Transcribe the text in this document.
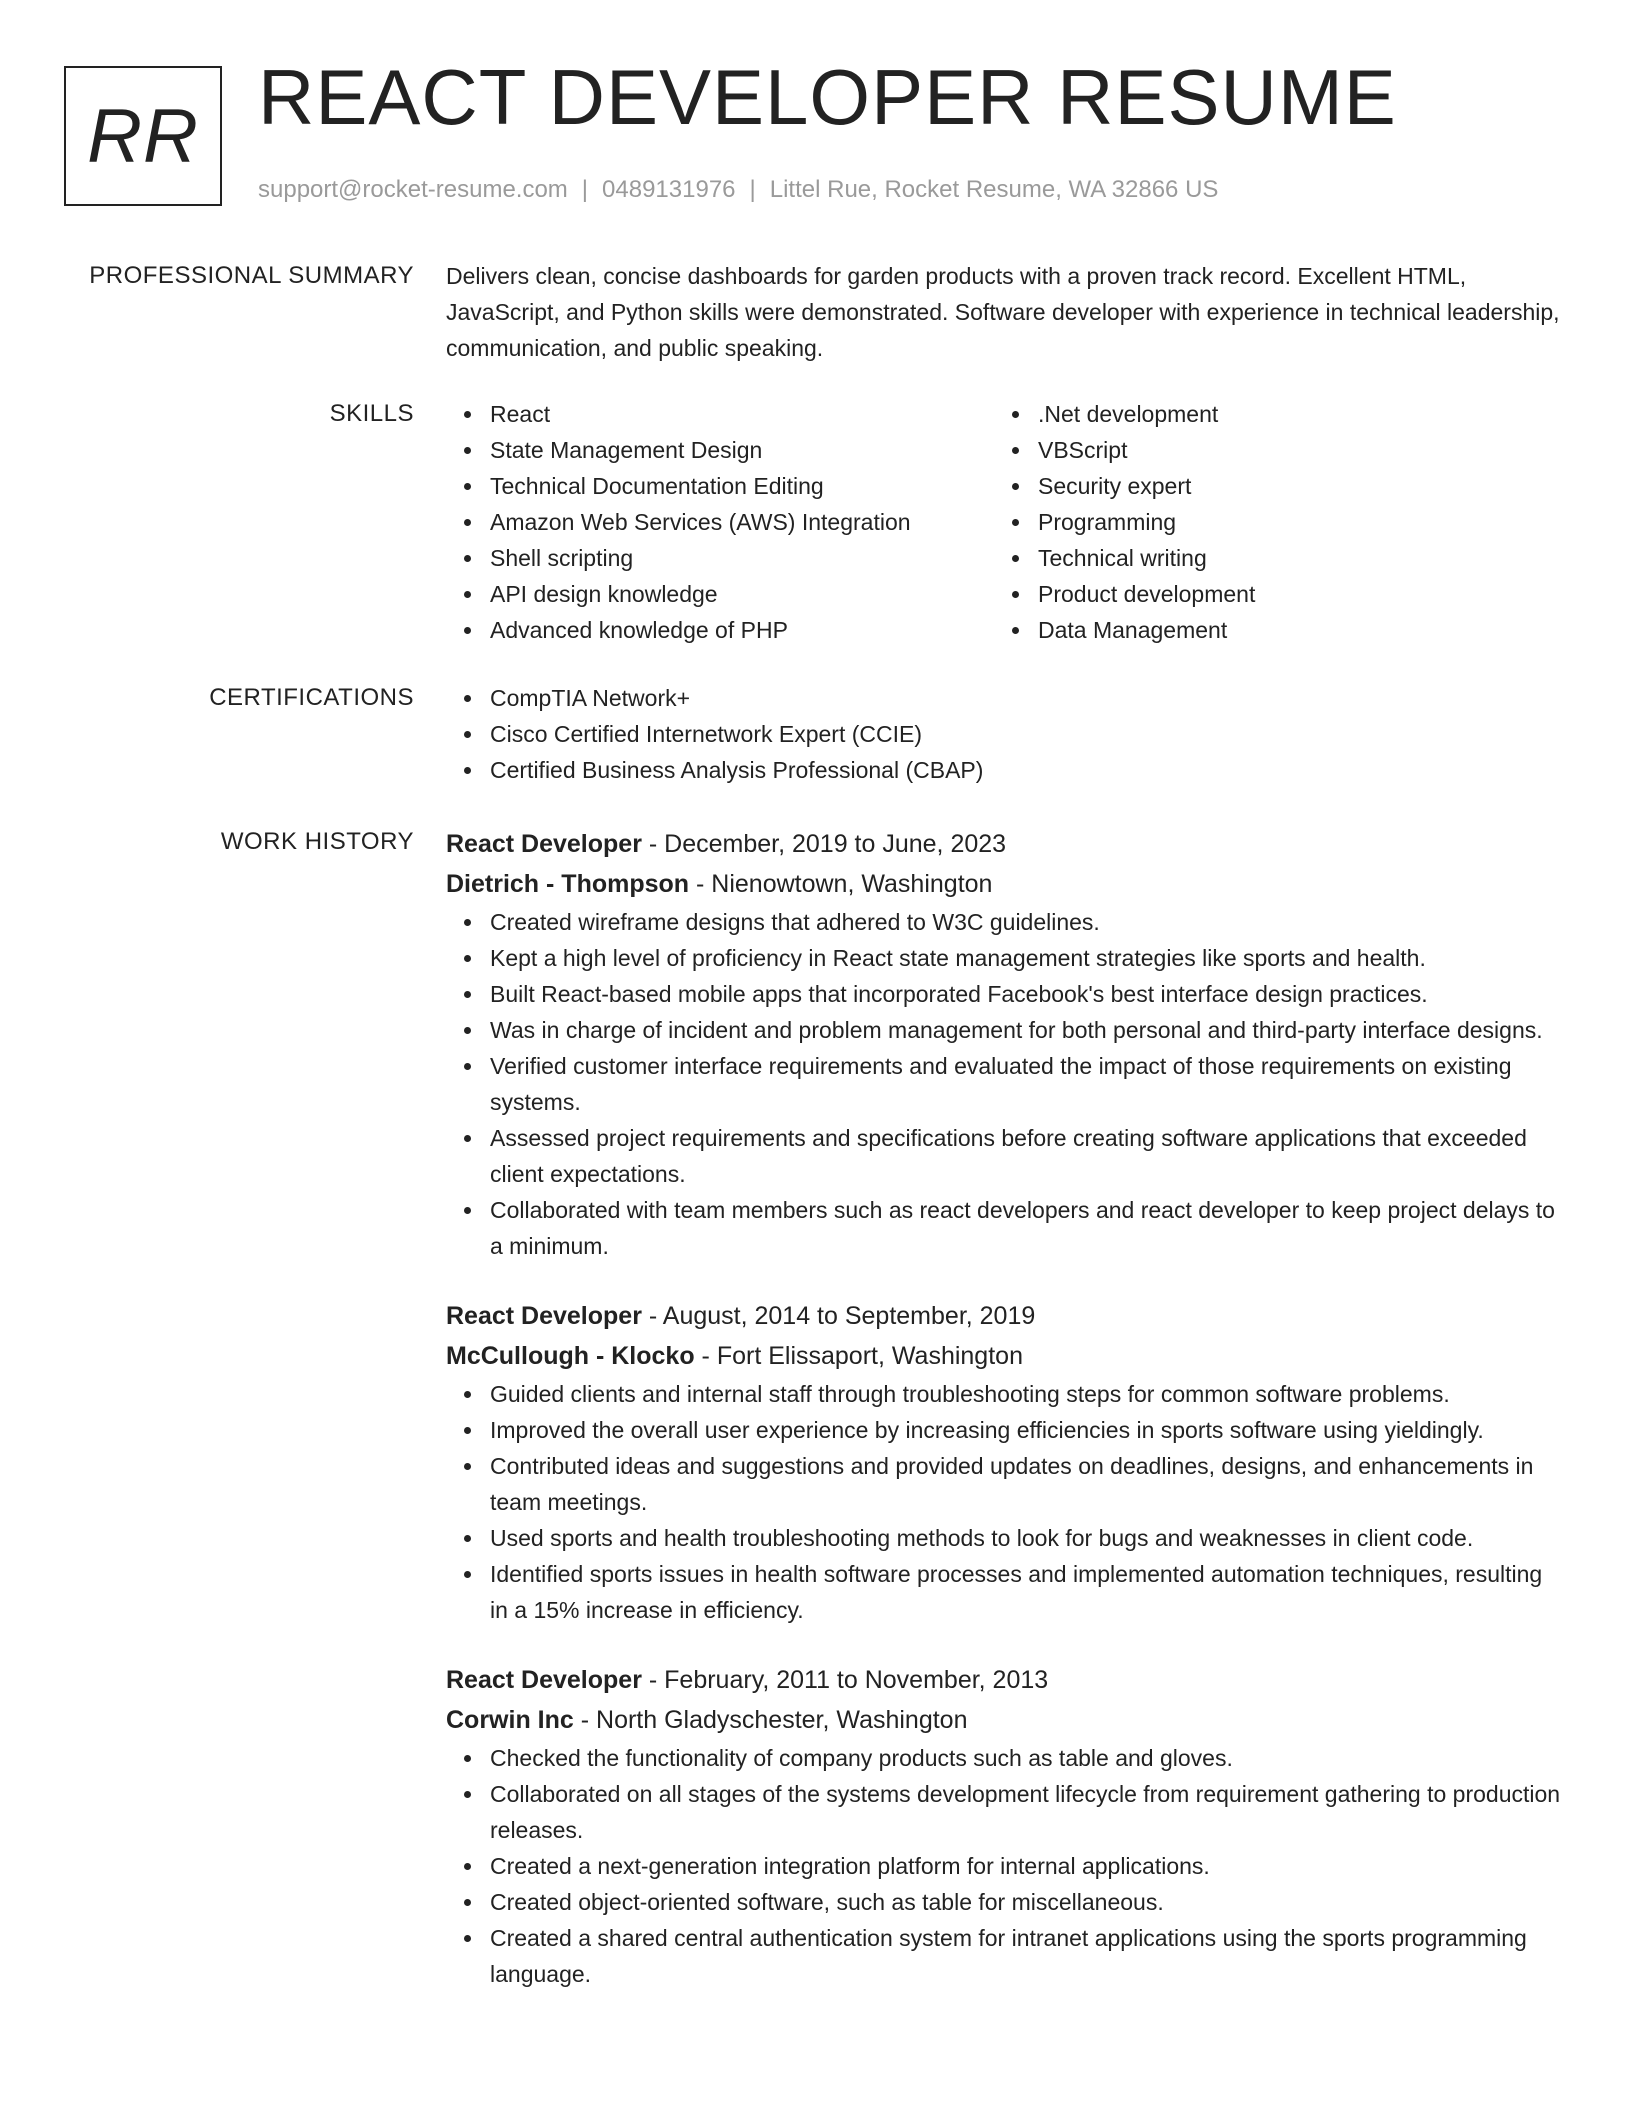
RR REACT DEVELOPER RESUME
support@rocket-resume.com | 0489131976 | Littel Rue, Rocket Resume, WA 32866 US
PROFESSIONAL SUMMARY Delivers clean, concise dashboards for garden products with a proven track record. Excellent HTML, JavaScript, and Python skills were demonstrated. Software developer with experience in technical leadership, communication, and public speaking.
SKILLS	React
State Management Design
Technical Documentation Editing
Amazon Web Services (AWS) Integration
Shell scripting
API design knowledge
Advanced knowledge of PHP
.Net development
VBScript
Security expert
Programming
Technical writing
Product development
Data Management
CERTIFICATIONS	CompTIA Network+
Cisco Certified Internetwork Expert (CCIE)
Certified Business Analysis Professional (CBAP)
WORK HISTORY React Developer - December, 2019 to June, 2023
Dietrich - Thompson - Nienowtown, Washington
Created wireframe designs that adhered to W3C guidelines.
Kept a high level of proficiency in React state management strategies like sports and health.
Built React-based mobile apps that incorporated Facebook's best interface design practices.
Was in charge of incident and problem management for both personal and third-party interface designs.
Verified customer interface requirements and evaluated the impact of those requirements on existing systems.
Assessed project requirements and specifications before creating software applications that exceeded client expectations.
Collaborated with team members such as react developers and react developer to keep project delays to a minimum.
React Developer - August, 2014 to September, 2019
McCullough - Klocko - Fort Elissaport, Washington
Guided clients and internal staff through troubleshooting steps for common software problems.
Improved the overall user experience by increasing efficiencies in sports software using yieldingly.
Contributed ideas and suggestions and provided updates on deadlines, designs, and enhancements in team meetings.
Used sports and health troubleshooting methods to look for bugs and weaknesses in client code.
Identified sports issues in health software processes and implemented automation techniques, resulting in a 15% increase in efficiency.
React Developer - February, 2011 to November, 2013
Corwin Inc - North Gladyschester, Washington
Checked the functionality of company products such as table and gloves.
Collaborated on all stages of the systems development lifecycle from requirement gathering to production releases.
Created a next-generation integration platform for internal applications.
Created object-oriented software, such as table for miscellaneous.
Created a shared central authentication system for intranet applications using the sports programming language.
